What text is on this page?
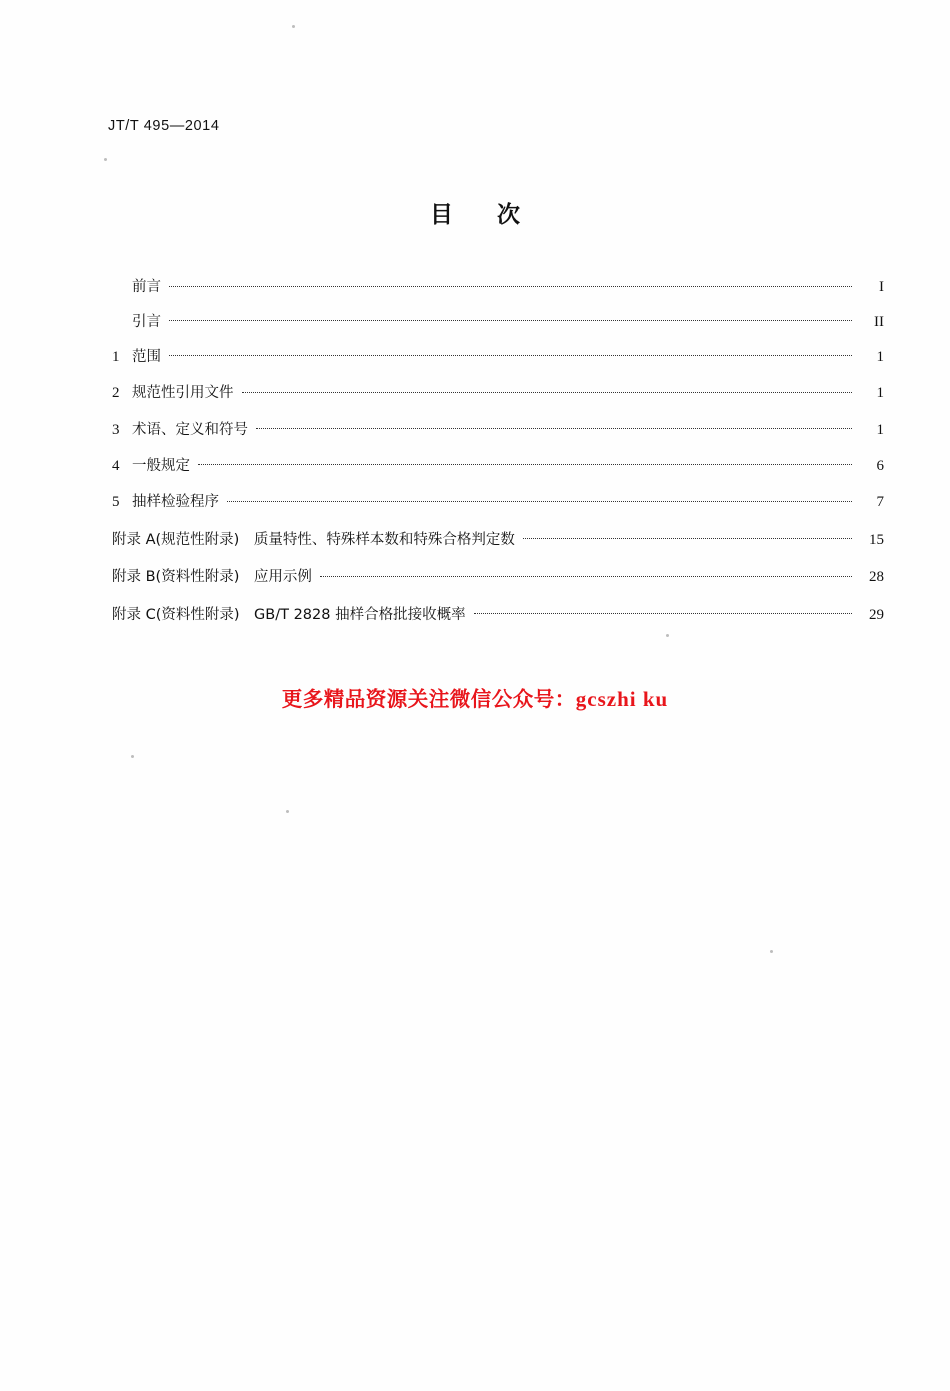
JT/T 495—2014
目 次
前言	I
引言	II
1 范围	1
2 规范性引用文件	1
3 术语、定义和符号	1
4 一般规定	6
5 抽样检验程序	7
附录 A(规范性附录)　质量特性、特殊样本数和特殊合格判定数	15
附录 B(资料性附录)　应用示例	28
附录 C(资料性附录)　GB/T 2828 抽样合格批接收概率	29
更多精品资源关注微信公众号：gcszhi ku
